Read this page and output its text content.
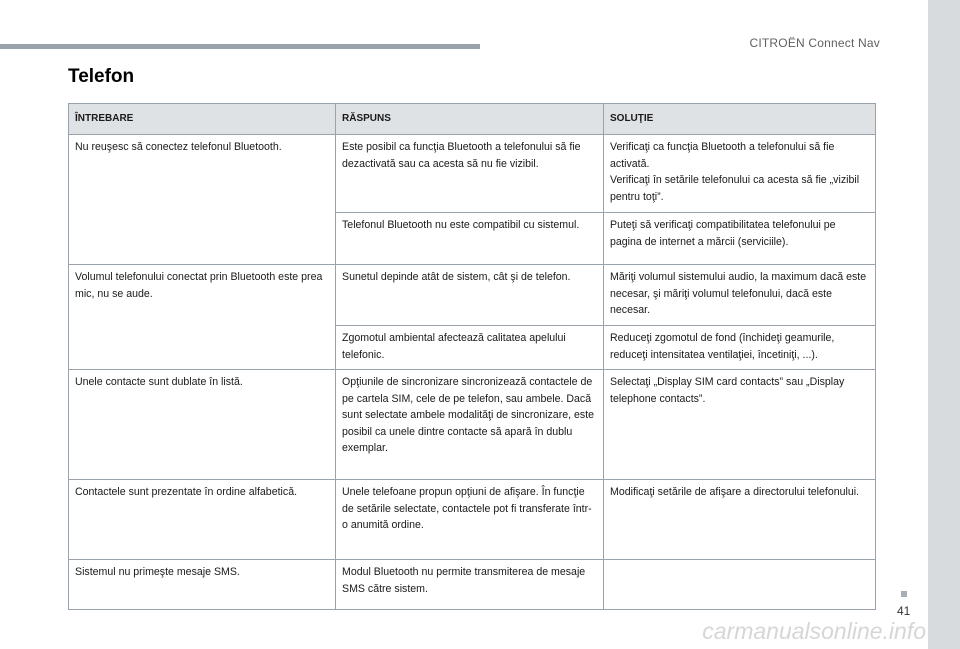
CITROËN Connect Nav
Telefon
ÎNTREBARE	RĂSPUNS	SOLUŢIE

Nu reuşesc să conectez telefonul Bluetooth.	Este posibil ca funcţia Bluetooth a telefonului să fie dezactivată sau ca acesta să nu fie vizibil.	Verificaţi ca funcţia Bluetooth a telefonului să fie activată.
Verificaţi în setările telefonului ca acesta să fie „vizibil pentru toţi”.

	Telefonul Bluetooth nu este compatibil cu sistemul.	Puteţi să verificaţi compatibilitatea telefonului pe pagina de internet a mărcii (serviciile).

Volumul telefonului conectat prin Bluetooth este prea mic, nu se aude.	Sunetul depinde atât de sistem, cât şi de telefon.	Măriţi volumul sistemului audio, la maximum dacă este necesar, şi măriţi volumul telefonului, dacă este necesar.

	Zgomotul ambiental afectează calitatea apelului telefonic.	Reduceţi zgomotul de fond (închideţi geamurile, reduceţi intensitatea ventilaţiei, încetiniţi, ...).

Unele contacte sunt dublate în listă.	Opţiunile de sincronizare sincronizează contactele de pe cartela SIM, cele de pe telefon, sau ambele. Dacă sunt selectate ambele modalităţi de sincronizare, este posibil ca unele dintre contacte să apară în dublu exemplar.	Selectaţi „Display SIM card contacts” sau „Display telephone contacts”.

Contactele sunt prezentate în ordine alfabetică.	Unele telefoane propun opţiuni de afişare. În funcţie de setările selectate, contactele pot fi transferate într-o anumită ordine.	Modificaţi setările de afişare a directorului telefonului.

Sistemul nu primeşte mesaje SMS.	Modul Bluetooth nu permite transmiterea de mesaje SMS către sistem.	

41
carmanualsonline.info
